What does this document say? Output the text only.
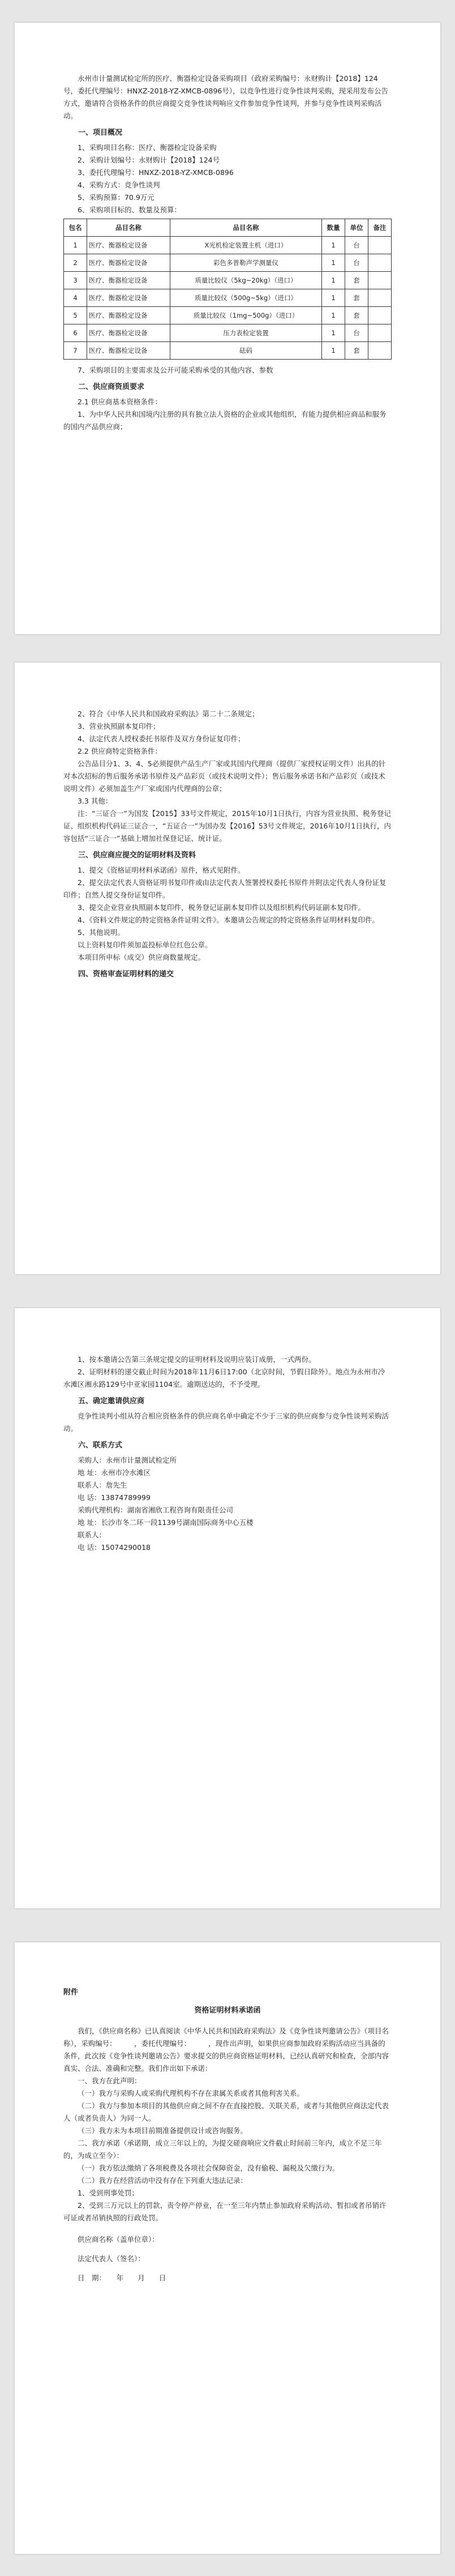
永州市计量测试检定所的医疗、衡器检定设备采购项目（政府采购编号：永财购计【2018】124号，委托代理编号：HNXZ-2018-YZ-XMCB-0896号），以竞争性进行竞争性谈判采购，现采用发布公告方式，邀请符合资格条件的供应商提交竞争性谈判响应文件参加竞争性谈判，并参与竞争性谈判采购活动。

一、项目概况

1、采购项目名称：医疗、衡器检定设备采购

2、采购计划编号：永财购计【2018】124号

3、委托代理编号：HNXZ-2018-YZ-XMCB-0896

4、采购方式：竞争性谈判

5、采购预算：70.9万元

6、采购项目标的、数量及预算：

包名	品目名称	品目名称	数量	单位	备注
1	医疗、衡器检定设备	X光机检定装置主机（进口）	1	台	
2	医疗、衡器检定设备	彩色多普勒声学测量仪	1	台	
3	医疗、衡器检定设备	质量比较仪（5kg~20kg）（进口）	1	套	
4	医疗、衡器检定设备	质量比较仪（500g~5kg）（进口）	1	套	
5	医疗、衡器检定设备	质量比较仪（1mg~500g）（进口）	1	套	
6	医疗、衡器检定设备	压力表检定装置	1	台	
7	医疗、衡器检定设备	砝码	1	套	

7、采购项目的主要需求及公开可能采购承受的其他内容、参数

二、供应商资质要求

2.1 供应商基本资格条件：

1、为中华人民共和国境内注册的具有独立法人资格的企业或其他组织，有能力提供相应商品和服务的国内产品供应商；

2、符合《中华人民共和国政府采购法》第二十二条规定；

3、营业执照副本复印件；

4、法定代表人授权委托书原件及双方身份证复印件；

2.2 供应商特定资格条件：

公告品目分1、3、4、5必须提供产品生产厂家或其国内代理商（提供厂家授权证明文件）出具的针对本次招标的售后服务承诺书原件及产品彩页（或技术说明文件）；售后服务承诺书和产品彩页（或技术说明文件）必须加盖生产厂家或国内代理商的公章；

3.3 其他：

注：“三证合一”为国发【2015】33号文件规定，2015年10月1日执行，内容为营业执照、税务登记证、组织机构代码证三证合一，“五证合一”为国办发【2016】53号文件规定，2016年10月1日执行，内容包括“三证合一”基础上增加社保登记证、统计证。

三、供应商应提交的证明材料及资料

1、提交《资格证明材料承诺函》原件，格式见附件。

2、提交法定代表人资格证明书复印件或由法定代表人签署授权委托书原件并附法定代表人身份证复印件；自然人提交身份证复印件。

3、提交企业营业执照副本复印件，税务登记证副本复印件以及组织机构代码证副本复印件。

4、《资料文件规定的特定资格条件证明文件》。本邀请公告规定的特定资格条件证明材料复印件。

5、其他说明。

以上资料复印件须加盖投标单位红色公章。

本项目所申标（成交）供应商数量规定。

四、资格审查证明材料的递交

1、按本邀请公告第三条规定提交的证明材料及说明应装订成册，一式两份。

2、证明材料的递交截止时间为2018年11月6日17:00（北京时间，节假日除外）。地点为永州市冷水滩区湘永路129号中亚家园1104室。逾期送达的，不予受理。

五、确定邀请供应商

竞争性谈判小组从符合相应资格条件的供应商名单中确定不少于三家的供应商参与竞争性谈判采购活动。

六、联系方式

采购人：永州市计量测试检定所

地 址：永州市冷水滩区

联系人：詹先生

电 话：13874789999

采购代理机构：湖南省湘欣工程咨询有限责任公司

地 址：长沙市冬二环一段1139号湖南国际商务中心五楼

联系人：

电 话：15074290018

附件

资格证明材料承诺函

我们，《供应商名称》已认真阅读《中华人民共和国政府采购法》及《竞争性谈判邀请公告》（项目名称），采购编号：　　　，委托代理编号：　　　，现作出声明，如果供应商参加政府采购活动应当具备的条件，此次按《竞争性谈判邀请公告》要求提交的供应商资格证明材料，已经认真研究和检查，全部内容真实、合法、准确和完整。我们作出如下承诺：

一、我方在此声明：

（一）我方与采购人或采购代理机构不存在隶属关系或者其他利害关系。

（二）我方与参加本项目的其他供应商之间不存在直接控股、关联关系，或者与其他供应商法定代表人（或者负责人）为同一人。

（三）我方未为本项目前期准备提供设计或咨询服务。

二、我方承诺（承诺期，成立三年以上的，为提交磋商响应文件截止时间前三年内，成立不足三年的，为成立至今）：

（一）我方依法缴纳了各项税费及各项社会保障资金，没有偷税、漏税及欠缴行为。

（二）我方在经营活动中没有存在下列重大违法记录：

1、受到刑事处罚；

2、受到三万元以上的罚款、责令停产停业，在一至三年内禁止参加政府采购活动、暂扣或者吊销许可证或者吊销执照的行政处罚。

供应商名称（盖单位章）：

法定代表人（签名）：

日　期：　　年　　月　　日
